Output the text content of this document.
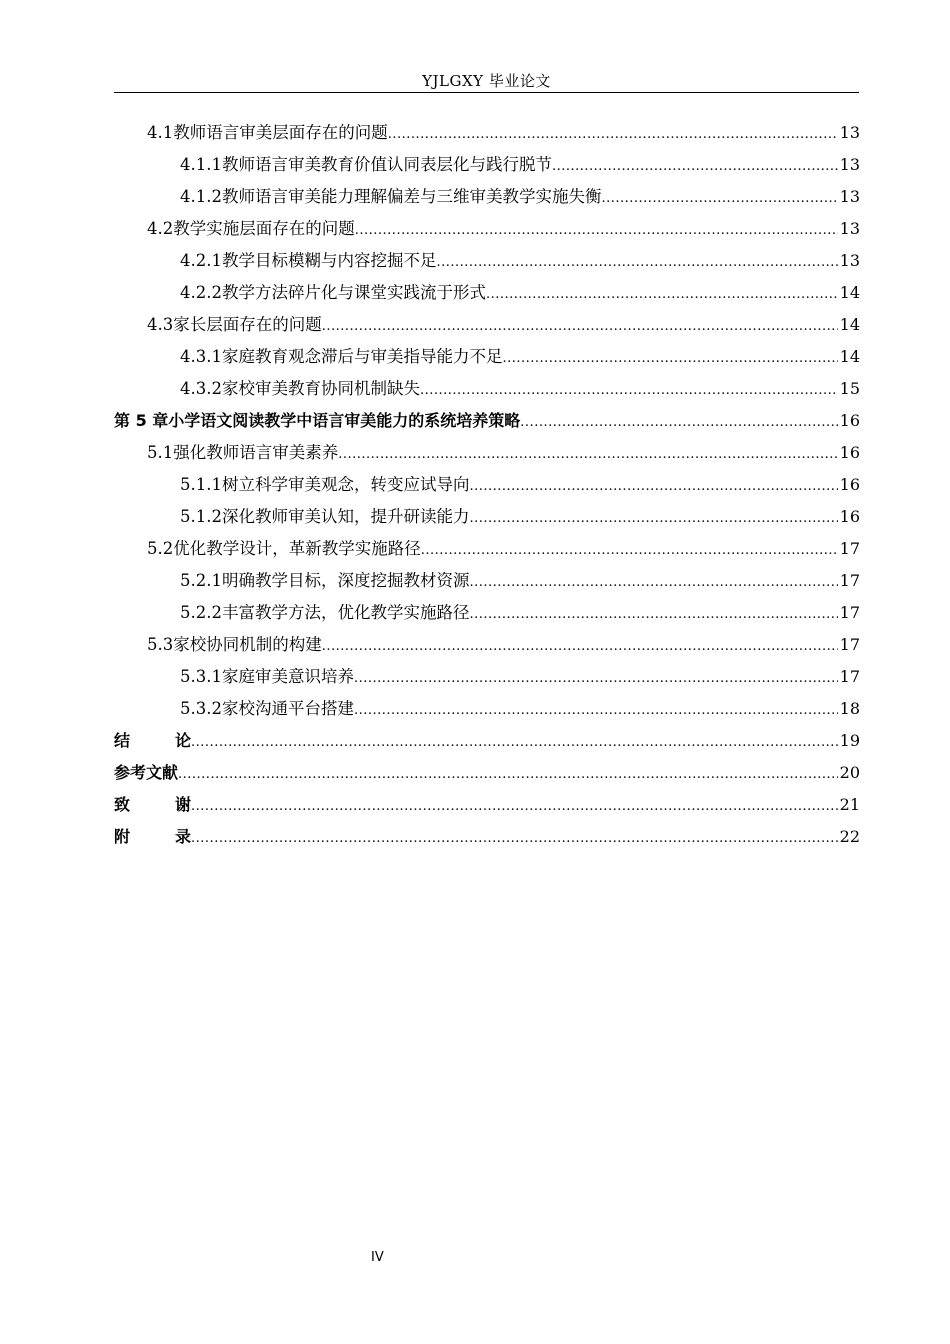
YJLGXY 毕业论文
4.1 教师语言审美层面存在的问题 .....	13
4.1.1 教师语言审美教育价值认同表层化与践行脱节 .....	13
4.1.2 教师语言审美能力理解偏差与三维审美教学实施失衡 .....	13
4.2 教学实施层面存在的问题 .....	13
4.2.1 教学目标模糊与内容挖掘不足 .....	13
4.2.2 教学方法碎片化与课堂实践流于形式 .....	14
4.3 家长层面存在的问题 .....	14
4.3.1 家庭教育观念滞后与审美指导能力不足 .....	14
4.3.2 家校审美教育协同机制缺失 .....	15
第 5 章 小学语文阅读教学中语言审美能力的系统培养策略 .....	16
5.1 强化教师语言审美素养 .....	16
5.1.1 树立科学审美观念，转变应试导向 .....	16
5.1.2 深化教师审美认知，提升研读能力 .....	16
5.2 优化教学设计，革新教学实施路径 .....	17
5.2.1 明确教学目标，深度挖掘教材资源 .....	17
5.2.2 丰富教学方法，优化教学实施路径 .....	17
5.3 家校协同机制的构建 .....	17
5.3.1 家庭审美意识培养 .....	17
5.3.2 家校沟通平台搭建 .....	18
结	论 .....	19
参考文献 .....	20
致	谢 .....	21
附	录 .....	22
IV
